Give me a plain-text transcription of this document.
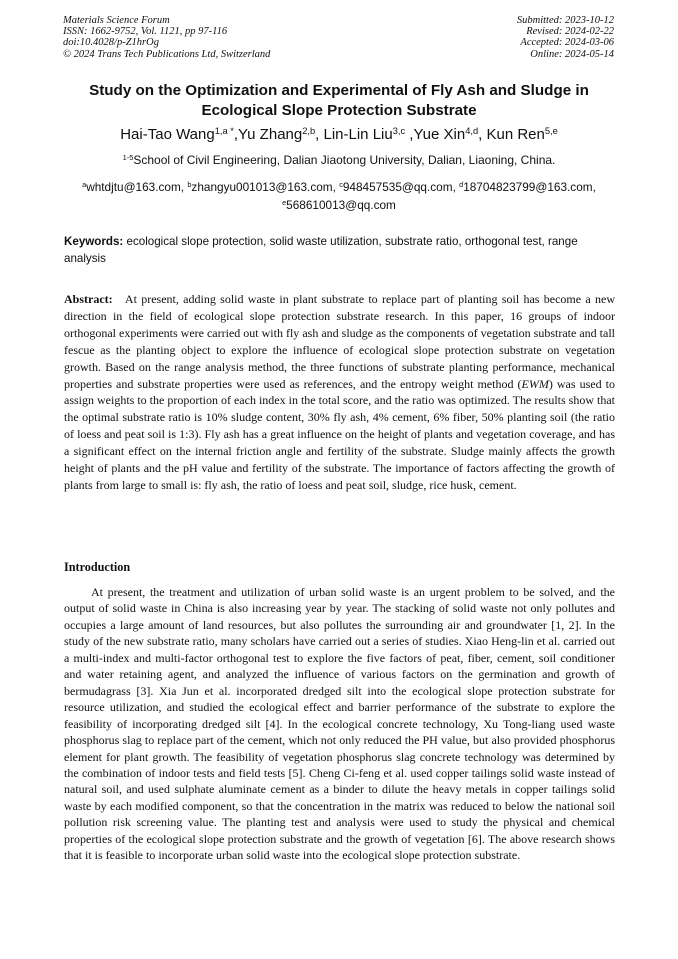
Materials Science Forum
ISSN: 1662-9752, Vol. 1121, pp 97-116
doi:10.4028/p-Z1hrOg
© 2024 Trans Tech Publications Ltd, Switzerland
Submitted: 2023-10-12
Revised: 2024-02-22
Accepted: 2024-03-06
Online: 2024-05-14
Study on the Optimization and Experimental of Fly Ash and Sludge in Ecological Slope Protection Substrate
Hai-Tao Wang$^{1,a *}$,Yu Zhang$^{2,b}$, Lin-Lin Liu$^{3,c}$ ,Yue Xin$^{4,d}$, Kun Ren$^{5,e}$
$^{1-5}$School of Civil Engineering, Dalian Jiaotong University, Dalian, Liaoning, China.
$^a$whtdjtu@163.com, $^b$zhangyu001013@163.com, $^c$948457535@qq.com, $^d$18704823799@163.com,
$^e$568610013@qq.com
Keywords: ecological slope protection, solid waste utilization, substrate ratio, orthogonal test, range analysis
Abstract: At present, adding solid waste in plant substrate to replace part of planting soil has become a new direction in the field of ecological slope protection substrate research. In this paper, 16 groups of indoor orthogonal experiments were carried out with fly ash and sludge as the components of vegetation substrate and tall fescue as the planting object to explore the influence of ecological slope protection substrate on vegetation growth. Based on the range analysis method, the three functions of substrate planting performance, mechanical properties and substrate properties were used as references, and the entropy weight method (EWM) was used to assign weights to the proportion of each index in the total score, and the ratio was optimized. The results show that the optimal substrate ratio is 10% sludge content, 30% fly ash, 4% cement, 6% fiber, 50% planting soil (the ratio of loess and peat soil is 1:3). Fly ash has a great influence on the height of plants and vegetation coverage, and has a significant effect on the internal friction angle and fertility of the substrate. Sludge mainly affects the growth height of plants and the pH value and fertility of the substrate. The importance of factors affecting the growth of plants from large to small is: fly ash, the ratio of loess and peat soil, sludge, rice husk, cement.
Introduction
At present, the treatment and utilization of urban solid waste is an urgent problem to be solved, and the output of solid waste in China is also increasing year by year. The stacking of solid waste not only pollutes and occupies a large amount of land resources, but also pollutes the surrounding air and groundwater [1, 2]. In the study of the new substrate ratio, many scholars have carried out a series of studies. Xiao Heng-lin et al. carried out a multi-index and multi-factor orthogonal test to explore the five factors of peat, fiber, cement, soil conditioner and water retaining agent, and analyzed the influence of various factors on the germination and growth of bermudagrass [3]. Xia Jun et al. incorporated dredged silt into the ecological slope protection substrate for resource utilization, and studied the ecological effect and barrier performance of the substrate to explore the feasibility of incorporating dredged silt [4]. In the ecological concrete technology, Xu Tong-liang used waste phosphorus slag to replace part of the cement, which not only reduced the PH value, but also provided phosphorus element for plant growth. The feasibility of vegetation phosphorus slag concrete technology was determined by the combination of indoor tests and field tests [5]. Cheng Ci-feng et al. used copper tailings solid waste instead of natural soil, and used sulphate aluminate cement as a binder to dilute the heavy metals in copper tailings solid waste by each modified component, so that the concentration in the matrix was reduced to below the national soil pollution risk screening value. The planting test and analysis were used to study the physical and chemical properties of the ecological slope protection substrate and the growth of vegetation [6]. The above research shows that it is feasible to incorporate urban solid waste into the ecological slope protection substrate.
